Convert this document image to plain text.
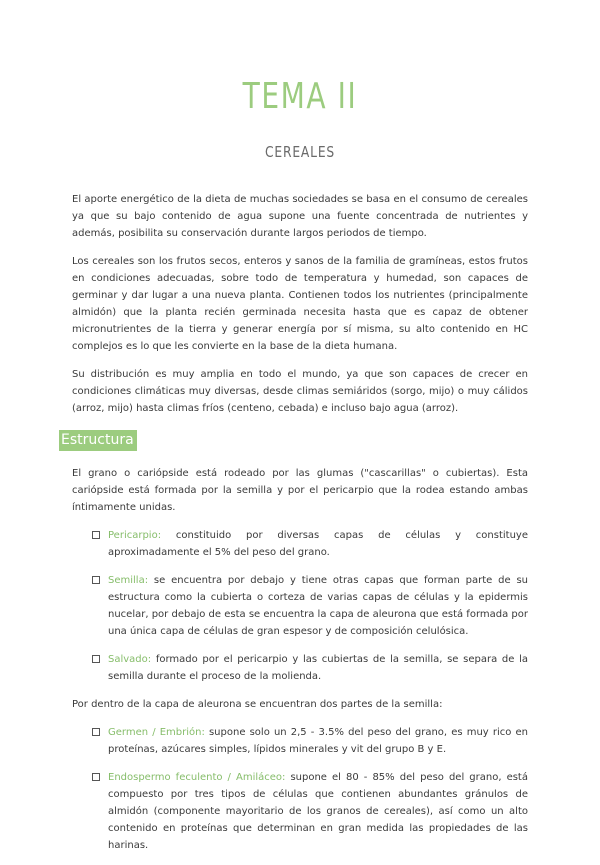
TEMA II
CEREALES

El aporte energético de la dieta de muchas sociedades se basa en el consumo de cereales ya que su bajo contenido de agua supone una fuente concentrada de nutrientes y además, posibilita su conservación durante largos periodos de tiempo.

Los cereales son los frutos secos, enteros y sanos de la familia de gramíneas, estos frutos en condiciones adecuadas, sobre todo de temperatura y humedad, son capaces de germinar y dar lugar a una nueva planta. Contienen todos los nutrientes (principalmente almidón) que la planta recién germinada necesita hasta que es capaz de obtener micronutrientes de la tierra y generar energía por sí misma, su alto contenido en HC complejos es lo que les convierte en la base de la dieta humana.

Su distribución es muy amplia en todo el mundo, ya que son capaces de crecer en condiciones climáticas muy diversas, desde climas semiáridos (sorgo, mijo) o muy cálidos (arroz, mijo) hasta climas fríos (centeno, cebada) e incluso bajo agua (arroz).

Estructura

El grano o cariópside está rodeado por las glumas ("cascarillas" o cubiertas). Esta cariópside está formada por la semilla y por el pericarpio que la rodea estando ambas íntimamente unidas.

Pericarpio: constituido por diversas capas de células y constituye aproximadamente el 5% del peso del grano.
Semilla: se encuentra por debajo y tiene otras capas que forman parte de su estructura como la cubierta o corteza de varias capas de células y la epidermis nucelar, por debajo de esta se encuentra la capa de aleurona que está formada por una única capa de células de gran espesor y de composición celulósica.
Salvado: formado por el pericarpio y las cubiertas de la semilla, se separa de la semilla durante el proceso de la molienda.

Por dentro de la capa de aleurona se encuentran dos partes de la semilla:

Germen / Embrión: supone solo un 2,5 - 3.5% del peso del grano, es muy rico en proteínas, azúcares simples, lípidos minerales y vit del grupo B y E.
Endospermo feculento / Amiláceo: supone el 80 - 85% del peso del grano, está compuesto por tres tipos de células que contienen abundantes gránulos de almidón (componente mayoritario de los granos de cereales), así como un alto contenido en proteínas que determinan en gran medida las propiedades de las harinas.
